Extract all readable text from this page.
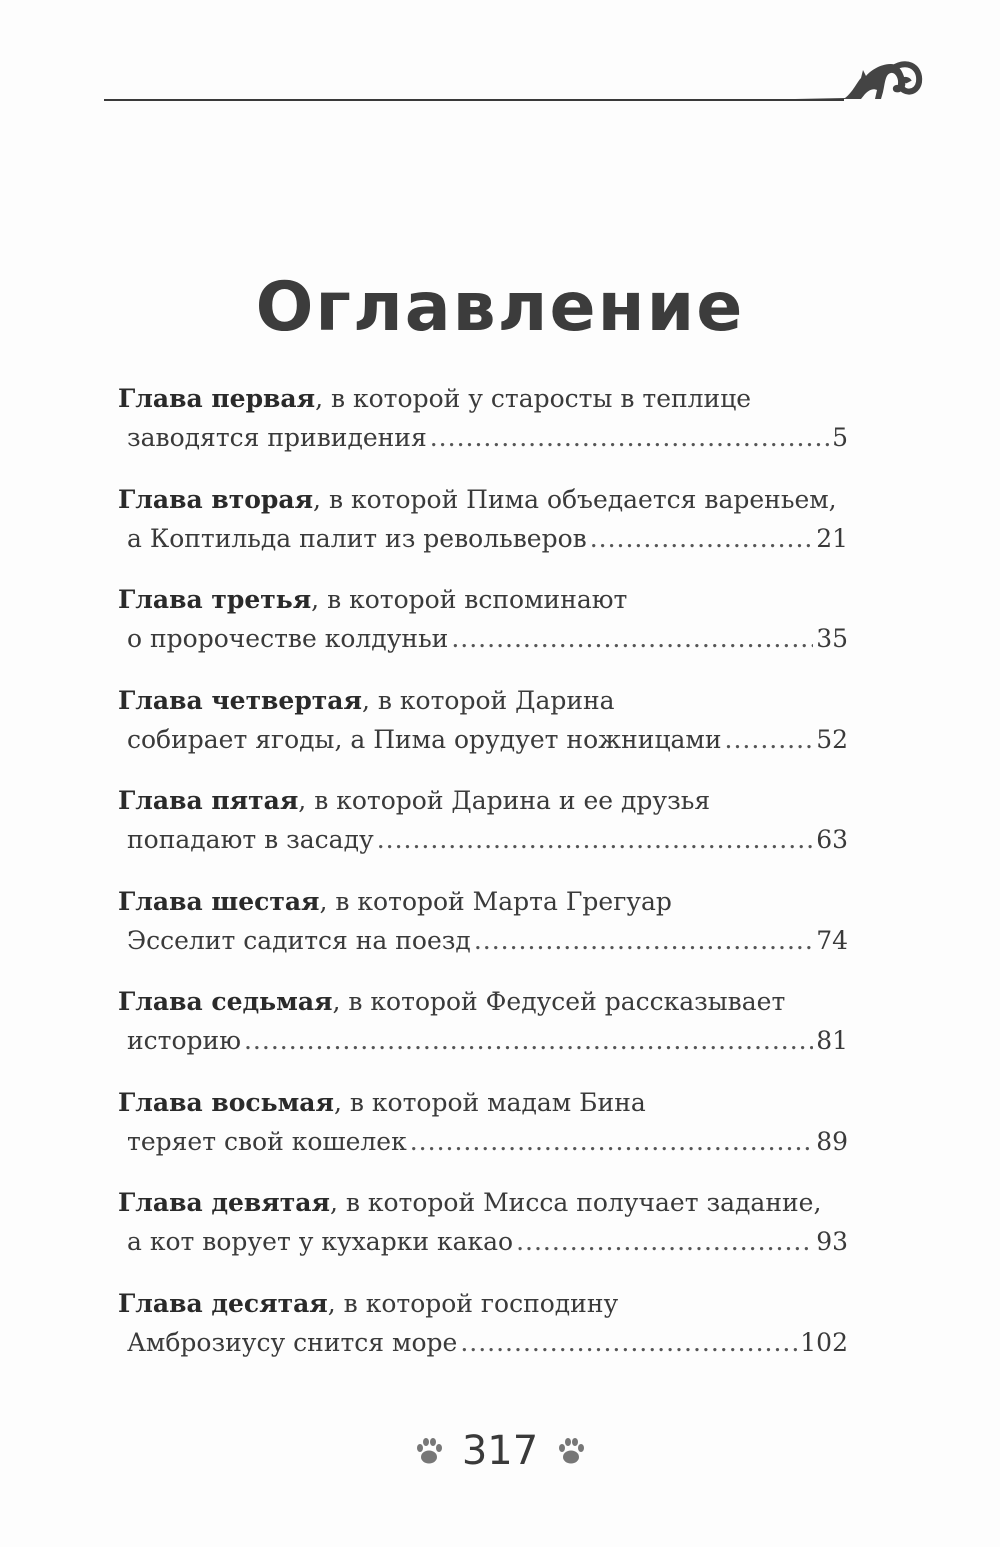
Оглавление
Глава первая, в которой у старосты в теплице
заводятся привидения .....	5
Глава вторая, в которой Пима объедается вареньем,
а Коптильда палит из револьверов .....	21
Глава третья, в которой вспоминают
о пророчестве колдуньи .....	35
Глава четвертая, в которой Дарина
собирает ягоды, а Пима орудует ножницами .....	52
Глава пятая, в которой Дарина и ее друзья
попадают в засаду .....	63
Глава шестая, в которой Марта Грегуар
Эсселит садится на поезд .....	74
Глава седьмая, в которой Федусей рассказывает
историю .....	81
Глава восьмая, в которой мадам Бина
теряет свой кошелек .....	89
Глава девятая, в которой Мисса получает задание,
а кот ворует у кухарки какао .....	93
Глава десятая, в которой господину
Амброзиусу снится море .....	102
317
